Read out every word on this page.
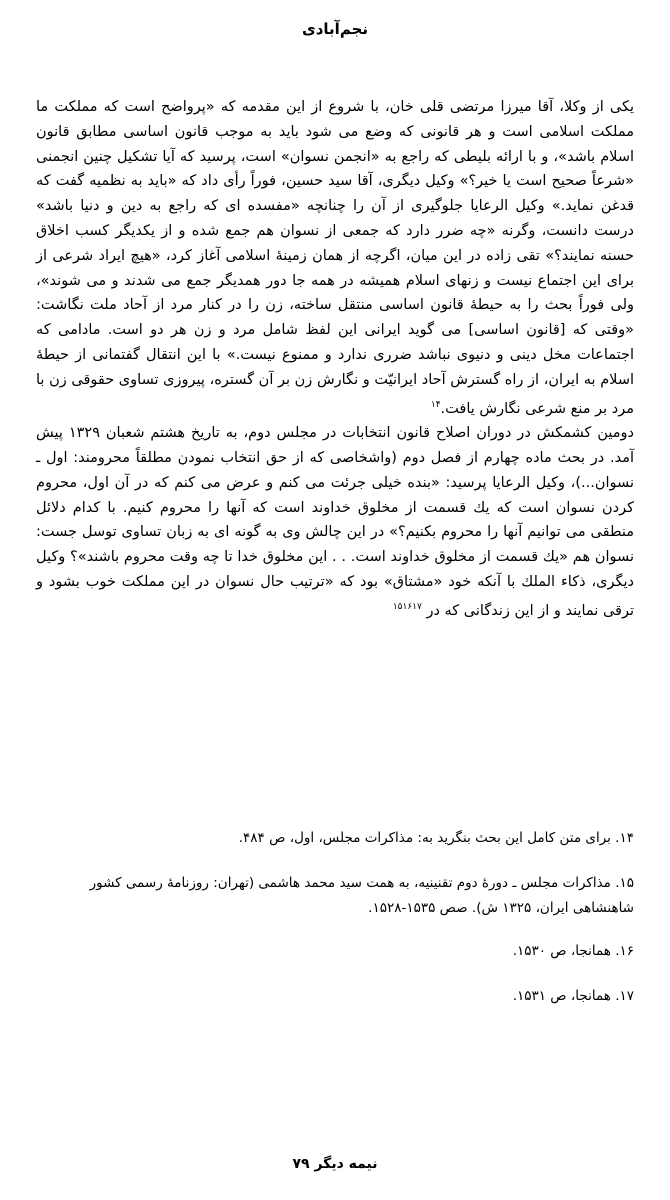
نجم‌آبادی

یکی از وکلا، آقا میرزا مرتضی قلی خان، با شروع از این مقدمه که «پرواضح است که مملکت ما مملکت اسلامی است و هر قانونی که وضع می شود باید به موجب قانون اساسی مطابق قانون اسلام باشد»، و با ارائه بلیطی که راجع به «انجمن نسوان» است، پرسید که آیا تشکیل چنین انجمنی «شرعاً صحیح است یا خیر؟» وکیل دیگری، آقا سید حسین، فوراً رأی داد که «باید به نظمیه گفت که قدغن نماید.» وکیل الرعایا جلوگیری از آن را چنانچه «مفسده ای که راجع به دین و دنیا باشد» درست دانست، وگرنه «چه ضرر دارد که جمعی از نسوان هم جمع شده و از یکدیگر کسب اخلاق حسنه نمایند؟» تقی زاده در این میان، اگرچه از همان زمینهٔ اسلامی آغاز کرد، «هیچ ایراد شرعی از برای این اجتماع نیست و زنهای اسلام همیشه در همه جا دور همدیگر جمع می شدند و می شوند»، ولی فوراً بحث را به حیطهٔ قانون اساسی منتقل ساخته، زن را در کنار مرد از آحاد ملت نگاشت: «وقتی که [قانون اساسی] می گوید ایرانی این لفظ شامل مرد و زن هر دو است. مادامی که اجتماعات مخل دینی و دنیوی نباشد ضرری ندارد و ممنوع نیست.» با این انتقال گفتمانی از حیطهٔ اسلام به ایران، از راه گسترش آحاد ایرانیّت و نگارش زن بر آن گستره، پیروزی تساوی حقوقی زن با مرد بر منع شرعی نگارش یافت.$^{۱۴}$

دومین کشمکش در دوران اصلاح قانون انتخابات در مجلس دوم، به تاریخ هشتم شعبان ۱۳۲۹ پیش آمد. در بحث ماده چهارم از فصل دوم (واشخاصی که از حق انتخاب نمودن مطلقاً محرومند: اول ـ نسوان...)، وکیل الرعایا پرسید: «بنده خیلی جرئت می کنم و عرض می کنم که در آن اول، محروم کردن نسوان است که یك قسمت از مخلوق خداوند است که آنها را محروم کنیم. با کدام دلائل منطقی می توانیم آنها را محروم بکنیم؟» در این چالش وی به گونه ای به زبان تساوی توسل جست: نسوان هم «یك قسمت از مخلوق خداوند است. . . این مخلوق خدا تا چه وقت محروم باشند»؟ وکیل دیگری، ذکاء الملك با آنکه خود «مشتاق» بود که «ترتیب حال نسوان در این مملکت خوب بشود و ترقی نمایند و از این زندگانی که در $^{۱۵۱۶۱۷}$

۱۴. برای متن کامل این بحث بنگرید به: مذاکرات مجلس، اول، ص ۴۸۴.

۱۵. مذاکرات مجلس ـ دورهٔ دوم تقنینیه، به همت سید محمد هاشمی (تهران: روزنامهٔ رسمی کشور شاهنشاهی ایران، ۱۳۲۵ ش). صص ۱۵۳۵-۱۵۲۸.

۱۶. همانجا، ص ۱۵۳۰.

۱۷. همانجا، ص ۱۵۳۱.

نیمه دیگر ۷۹
